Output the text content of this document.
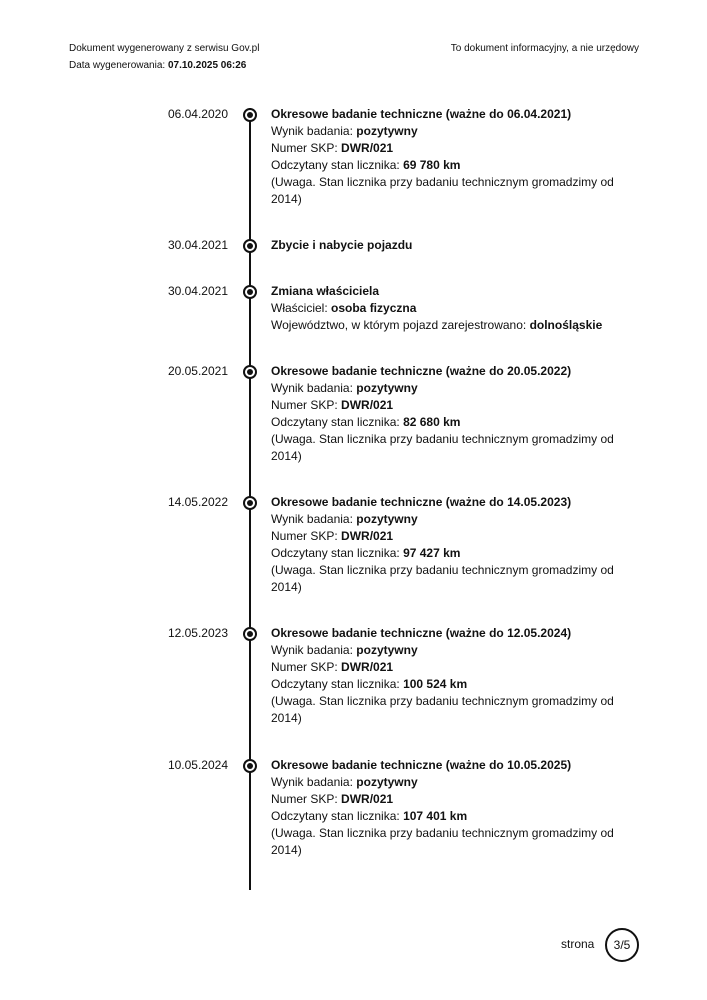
Dokument wygenerowany z serwisu Gov.pl
Data wygenerowania: 07.10.2025 06:26
To dokument informacyjny, a nie urzędowy
06.04.2020	Okresowe badanie techniczne (ważne do 06.04.2021)
Wynik badania: pozytywny
Numer SKP: DWR/021
Odczytany stan licznika: 69 780 km
(Uwaga. Stan licznika przy badaniu technicznym gromadzimy od 2014)
30.04.2021	Zbycie i nabycie pojazdu
30.04.2021	Zmiana właściciela
Właściciel: osoba fizyczna
Województwo, w którym pojazd zarejestrowano: dolnośląskie
20.05.2021	Okresowe badanie techniczne (ważne do 20.05.2022)
Wynik badania: pozytywny
Numer SKP: DWR/021
Odczytany stan licznika: 82 680 km
(Uwaga. Stan licznika przy badaniu technicznym gromadzimy od 2014)
14.05.2022	Okresowe badanie techniczne (ważne do 14.05.2023)
Wynik badania: pozytywny
Numer SKP: DWR/021
Odczytany stan licznika: 97 427 km
(Uwaga. Stan licznika przy badaniu technicznym gromadzimy od 2014)
12.05.2023	Okresowe badanie techniczne (ważne do 12.05.2024)
Wynik badania: pozytywny
Numer SKP: DWR/021
Odczytany stan licznika: 100 524 km
(Uwaga. Stan licznika przy badaniu technicznym gromadzimy od 2014)
10.05.2024	Okresowe badanie techniczne (ważne do 10.05.2025)
Wynik badania: pozytywny
Numer SKP: DWR/021
Odczytany stan licznika: 107 401 km
(Uwaga. Stan licznika przy badaniu technicznym gromadzimy od 2014)
strona	3/5
